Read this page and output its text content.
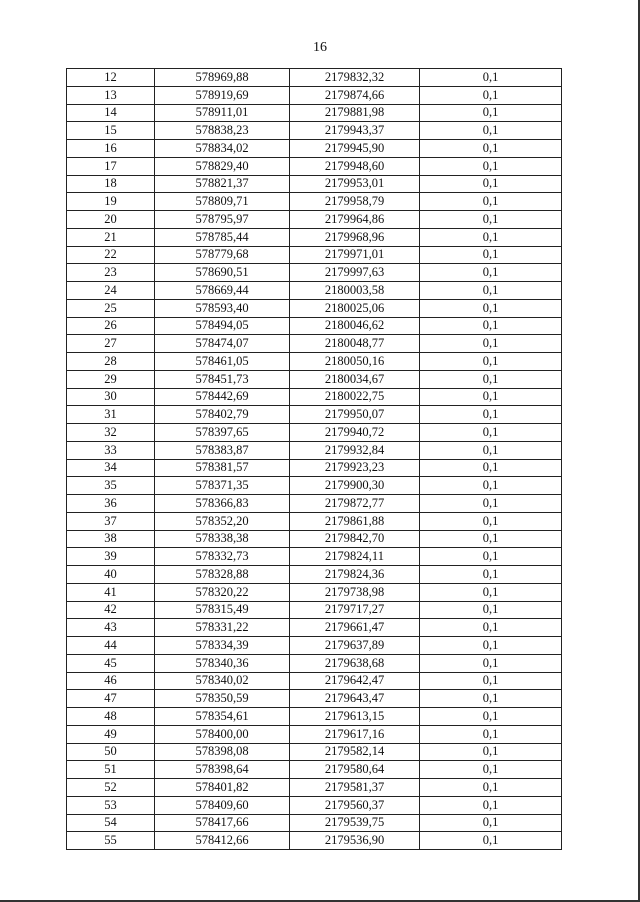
16
12	578969,88	2179832,32	0,1
13	578919,69	2179874,66	0,1
14	578911,01	2179881,98	0,1
15	578838,23	2179943,37	0,1
16	578834,02	2179945,90	0,1
17	578829,40	2179948,60	0,1
18	578821,37	2179953,01	0,1
19	578809,71	2179958,79	0,1
20	578795,97	2179964,86	0,1
21	578785,44	2179968,96	0,1
22	578779,68	2179971,01	0,1
23	578690,51	2179997,63	0,1
24	578669,44	2180003,58	0,1
25	578593,40	2180025,06	0,1
26	578494,05	2180046,62	0,1
27	578474,07	2180048,77	0,1
28	578461,05	2180050,16	0,1
29	578451,73	2180034,67	0,1
30	578442,69	2180022,75	0,1
31	578402,79	2179950,07	0,1
32	578397,65	2179940,72	0,1
33	578383,87	2179932,84	0,1
34	578381,57	2179923,23	0,1
35	578371,35	2179900,30	0,1
36	578366,83	2179872,77	0,1
37	578352,20	2179861,88	0,1
38	578338,38	2179842,70	0,1
39	578332,73	2179824,11	0,1
40	578328,88	2179824,36	0,1
41	578320,22	2179738,98	0,1
42	578315,49	2179717,27	0,1
43	578331,22	2179661,47	0,1
44	578334,39	2179637,89	0,1
45	578340,36	2179638,68	0,1
46	578340,02	2179642,47	0,1
47	578350,59	2179643,47	0,1
48	578354,61	2179613,15	0,1
49	578400,00	2179617,16	0,1
50	578398,08	2179582,14	0,1
51	578398,64	2179580,64	0,1
52	578401,82	2179581,37	0,1
53	578409,60	2179560,37	0,1
54	578417,66	2179539,75	0,1
55	578412,66	2179536,90	0,1
